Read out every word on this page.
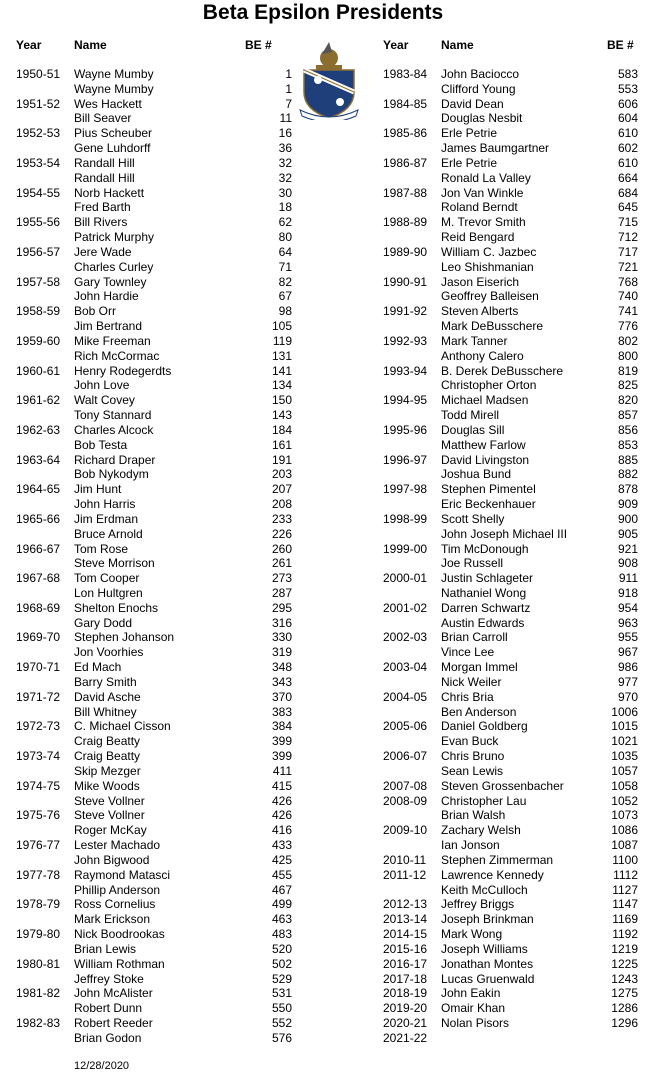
Beta Epsilon Presidents
Year	Name	BE #	Year	Name	BE #
1950-51 Wayne Mumby	1
Wayne Mumby	1
1951-52 Wes Hackett	7
Bill Seaver	11
1952-53 Pius Scheuber	16
Gene Luhdorff	36
1953-54 Randall Hill	32
Randall Hill	32
1954-55 Norb Hackett	30
Fred Barth	18
1955-56 Bill Rivers	62
Patrick Murphy	80
1956-57 Jere Wade	64
Charles Curley	71
1957-58 Gary Townley	82
John Hardie	67
1958-59 Bob Orr	98
Jim Bertrand	105
1959-60 Mike Freeman	119
Rich McCormac	131
1960-61 Henry Rodegerdts	141
John Love	134
1961-62 Walt Covey	150
Tony Stannard	143
1962-63 Charles Alcock	184
Bob Testa	161
1963-64 Richard Draper	191
Bob Nykodym	203
1964-65 Jim Hunt	207
John Harris	208
1965-66 Jim Erdman	233
Bruce Arnold	226
1966-67 Tom Rose	260
Steve Morrison	261
1967-68 Tom Cooper	273
Lon Hultgren	287
1968-69 Shelton Enochs	295
Gary Dodd	316
1969-70 Stephen Johanson	330
Jon Voorhies	319
1970-71 Ed Mach	348
Barry Smith	343
1971-72 David Asche	370
Bill Whitney	383
1972-73 C. Michael Cisson	384
Craig Beatty	399
1973-74 Craig Beatty	399
Skip Mezger	411
1974-75 Mike Woods	415
Steve Vollner	426
1975-76 Steve Vollner	426
Roger McKay	416
1976-77 Lester Machado	433
John Bigwood	425
1977-78 Raymond Matasci	455
Phillip Anderson	467
1978-79 Ross Cornelius	499
Mark Erickson	463
1979-80 Nick Boodrookas	483
Brian Lewis	520
1980-81 William Rothman	502
Jeffrey Stoke	529
1981-82 John McAlister	531
Robert Dunn	550
1982-83 Robert Reeder	552
Brian Godon	576
1983-84 John Baciocco	583
Clifford Young	553
1984-85 David Dean	606
Douglas Nesbit	604
1985-86 Erle Petrie	610
James Baumgartner	602
1986-87 Erle Petrie	610
Ronald La Valley	664
1987-88 Jon Van Winkle	684
Roland Berndt	645
1988-89 M. Trevor Smith	715
Reid Bengard	712
1989-90 William C. Jazbec	717
Leo Shishmanian	721
1990-91 Jason Eiserich	768
Geoffrey Balleisen	740
1991-92 Steven Alberts	741
Mark DeBusschere	776
1992-93 Mark Tanner	802
Anthony Calero	800
1993-94 B. Derek DeBusschere	819
Christopher Orton	825
1994-95 Michael Madsen	820
Todd Mirell	857
1995-96 Douglas Sill	856
Matthew Farlow	853
1996-97 David Livingston	885
Joshua Bund	882
1997-98 Stephen Pimentel	878
Eric Beckenhauer	909
1998-99 Scott Shelly	900
John Joseph Michael III	905
1999-00 Tim McDonough	921
Joe Russell	908
2000-01 Justin Schlageter	911
Nathaniel Wong	918
2001-02 Darren Schwartz	954
Austin Edwards	963
2002-03 Brian Carroll	955
Vince Lee	967
2003-04 Morgan Immel	986
Nick Weiler	977
2004-05 Chris Bria	970
Ben Anderson	1006
2005-06 Daniel Goldberg	1015
Evan Buck	1021
2006-07 Chris Bruno	1035
Sean Lewis	1057
2007-08 Steven Grossenbacher	1058
2008-09 Christopher Lau	1052
Brian Walsh	1073
2009-10 Zachary Welsh	1086
Ian Jonson	1087
2010-11 Stephen Zimmerman	1100
2011-12 Lawrence Kennedy	1112
Keith McCulloch	1127
2012-13 Jeffrey Briggs	1147
2013-14 Joseph Brinkman	1169
2014-15 Mark Wong	1192
2015-16 Joseph Williams	1219
2016-17 Jonathan Montes	1225
2017-18 Lucas Gruenwald	1243
2018-19 John Eakin	1275
2019-20 Omair Khan	1286
2020-21 Nolan Pisors	1296
2021-22
12/28/2020
